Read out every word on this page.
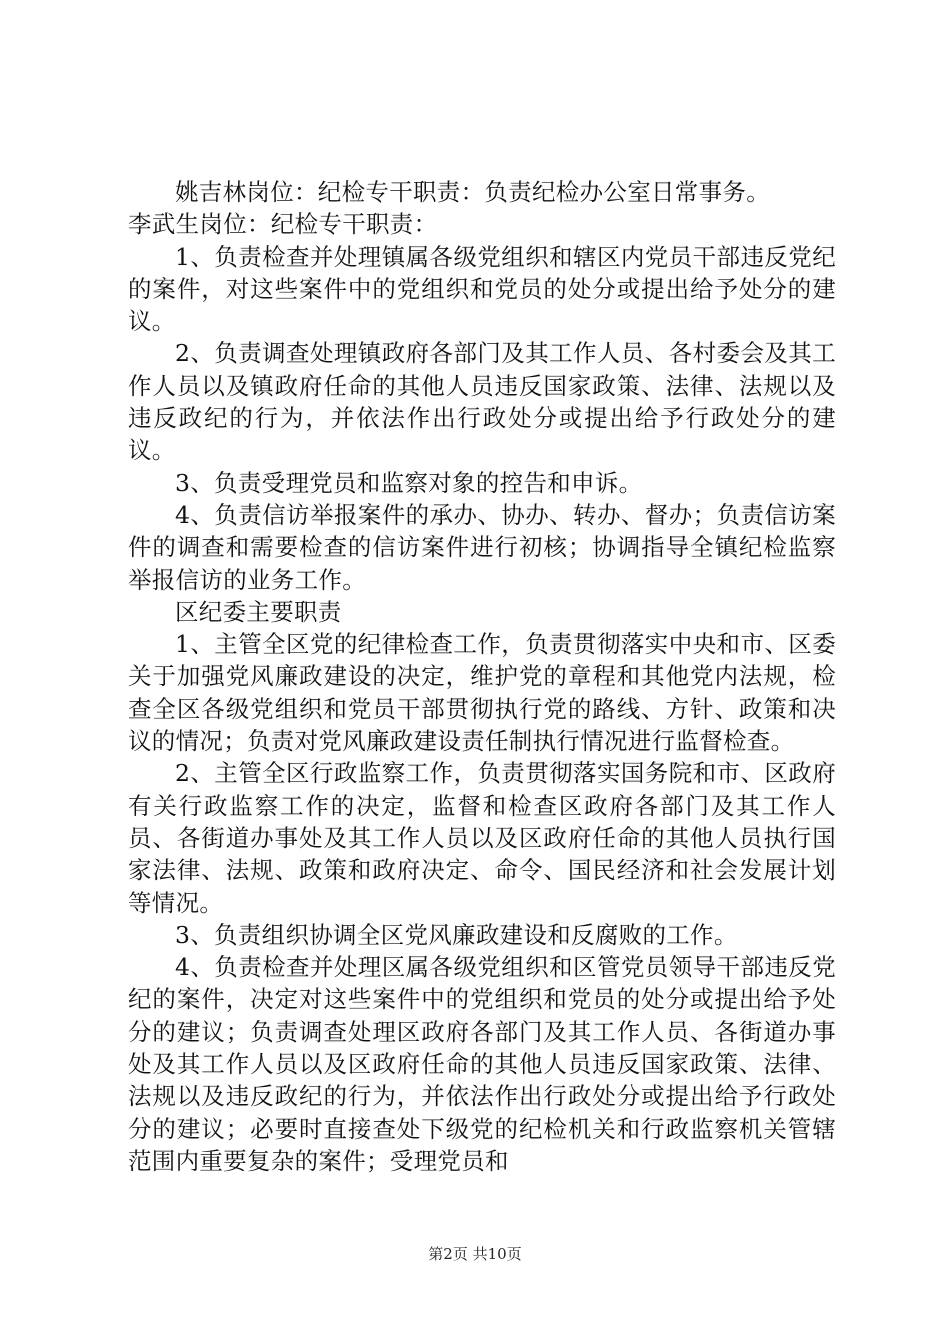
姚吉林岗位：纪检专干职责：负责纪检办公室日常事务。

李武生岗位：纪检专干职责：

1、负责检查并处理镇属各级党组织和辖区内党员干部违反党纪的案件，对这些案件中的党组织和党员的处分或提出给予处分的建议。

2、负责调查处理镇政府各部门及其工作人员、各村委会及其工作人员以及镇政府任命的其他人员违反国家政策、法律、法规以及违反政纪的行为，并依法作出行政处分或提出给予行政处分的建议。

3、负责受理党员和监察对象的控告和申诉。

4、负责信访举报案件的承办、协办、转办、督办；负责信访案件的调查和需要检查的信访案件进行初核；协调指导全镇纪检监察举报信访的业务工作。

区纪委主要职责

1、主管全区党的纪律检查工作，负责贯彻落实中央和市、区委关于加强党风廉政建设的决定，维护党的章程和其他党内法规，检查全区各级党组织和党员干部贯彻执行党的路线、方针、政策和决议的情况；负责对党风廉政建设责任制执行情况进行监督检查。

2、主管全区行政监察工作，负责贯彻落实国务院和市、区政府有关行政监察工作的决定，监督和检查区政府各部门及其工作人员、各街道办事处及其工作人员以及区政府任命的其他人员执行国家法律、法规、政策和政府决定、命令、国民经济和社会发展计划等情况。

3、负责组织协调全区党风廉政建设和反腐败的工作。

4、负责检查并处理区属各级党组织和区管党员领导干部违反党纪的案件，决定对这些案件中的党组织和党员的处分或提出给予处分的建议；负责调查处理区政府各部门及其工作人员、各街道办事处及其工作人员以及区政府任命的其他人员违反国家政策、法律、法规以及违反政纪的行为，并依法作出行政处分或提出给予行政处分的建议；必要时直接查处下级党的纪检机关和行政监察机关管辖范围内重要复杂的案件；受理党员和

第2页 共10页
